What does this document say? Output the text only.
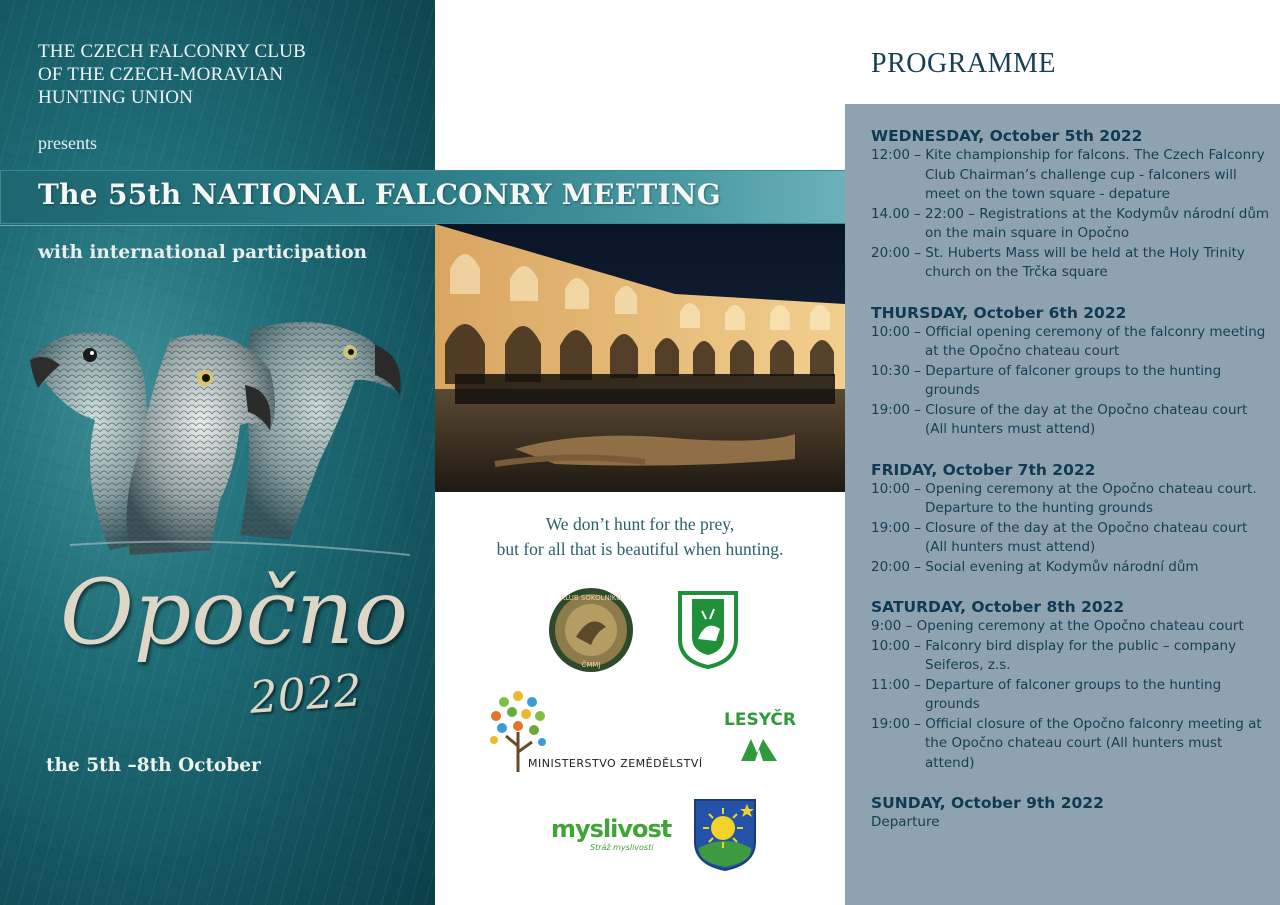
THE CZECH FALCONRY CLUB
OF THE CZECH-MORAVIAN
HUNTING UNION
presents
The 55th NATIONAL FALCONRY MEETING
with international participation
Opočno
2022
the 5th –8th October
We don’t hunt for the prey,
but for all that is beautiful when hunting.
KLUB SOKOLNÍKŮ
ČMMJ
MINISTERSTVO ZEMĚDĚLSTVÍ
LESYČR
myslivost
Stráž myslivosti
PROGRAMME
WEDNESDAY, October 5th 2022
12:00 – Kite championship for falcons. The Czech Falconry Club Chairman’s challenge cup - falconers will meet on the town square - depature
14.00 – 22:00 – Registrations at the Kodymův národní dům on the main square in Opočno
20:00 – St. Huberts Mass will be held at the Holy Trinity church on the Trčka square
THURSDAY, October 6th 2022
10:00 – Official opening ceremony of the falconry meeting at the Opočno chateau court
10:30 – Departure of falconer groups to the hunting grounds
19:00 – Closure of the day at the Opočno chateau court (All hunters must attend)
FRIDAY, October 7th 2022
10:00 – Opening ceremony at the Opočno chateau court. Departure to the hunting grounds
19:00 – Closure of the day at the Opočno chateau court (All hunters must attend)
20:00 – Social evening at Kodymův národní dům
SATURDAY, October 8th 2022
9:00 – Opening ceremony at the Opočno chateau court
10:00 – Falconry bird display for the public – company Seiferos, z.s.
11:00 – Departure of falconer groups to the hunting grounds
19:00 – Official closure of the Opočno falconry meeting at the Opočno chateau court (All hunters must attend)
SUNDAY, October 9th 2022
Departure
